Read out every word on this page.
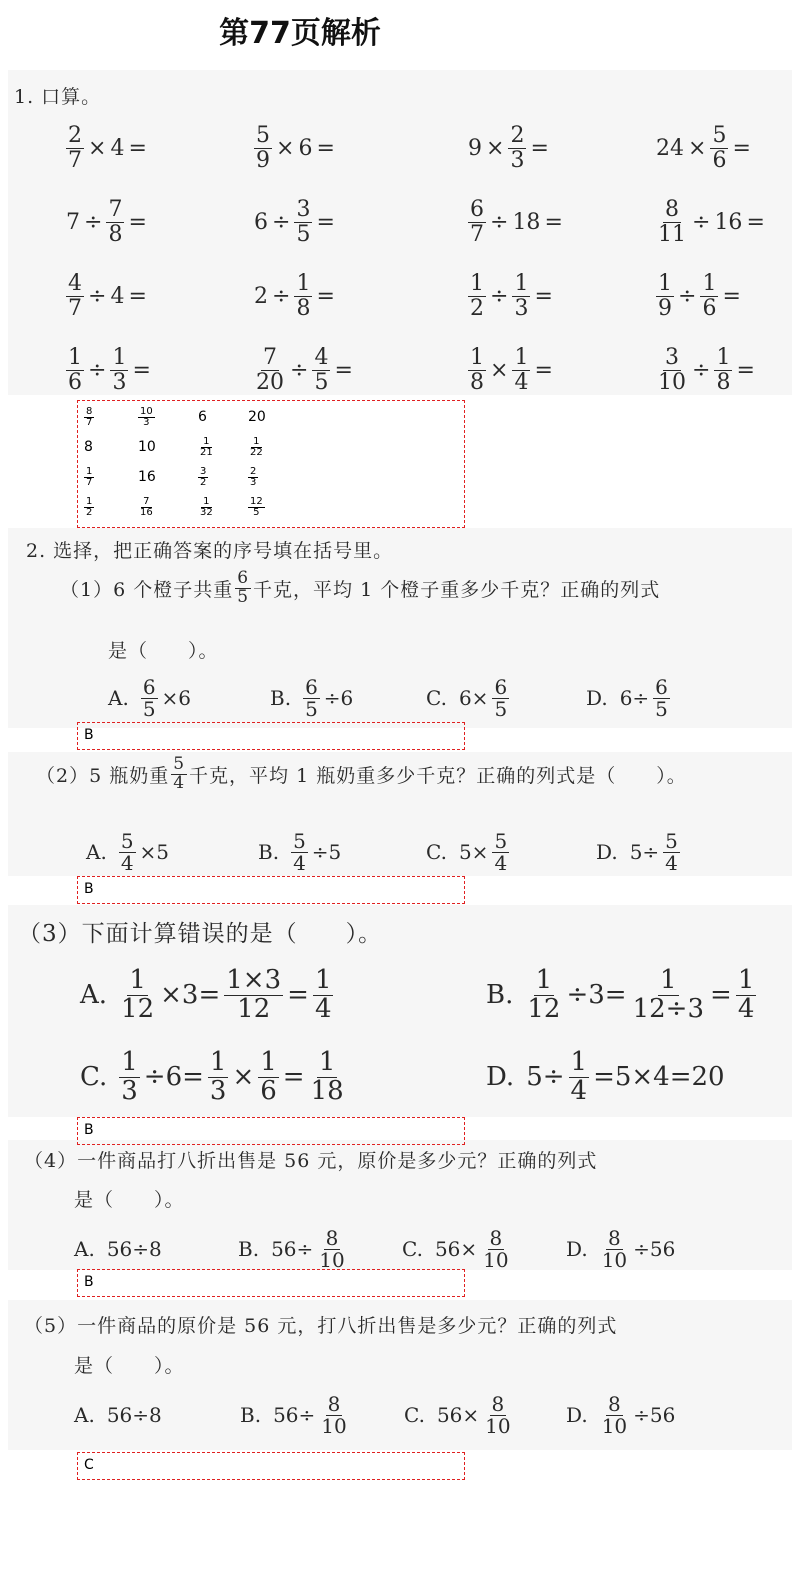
第77页解析
1. 口算。
$\frac{2}{7} \times 4$ =	$\frac{5}{9} \times 6$ =	$9 \times \frac{2}{3}$ =	$24 \times \frac{5}{6}$ =
$7 \div \frac{7}{8}$ =	$6 \div \frac{3}{5}$ =	$\frac{6}{7} \div 18$ =	$\frac{8}{11} \div 16$ =
$\frac{4}{7} \div 4$ =	$2 \div \frac{1}{8}$ =	$\frac{1}{2} \div \frac{1}{3}$ =	$\frac{1}{9} \div \frac{1}{6}$ =
$\frac{1}{6} \div \frac{1}{3}$ =	$\frac{7}{20} \div \frac{4}{5}$ =	$\frac{1}{8} \times \frac{1}{4}$ =	$\frac{3}{10} \div \frac{1}{8}$ =
$\frac{8}{7}$	$\frac{10}{3}$	6	20
8	10	$\frac{1}{21}$	$\frac{1}{22}$
$\frac{1}{7}$	16	$\frac{3}{2}$	$\frac{2}{3}$
$\frac{1}{2}$	$\frac{7}{16}$	$\frac{1}{32}$	$\frac{12}{5}$
2. 选择，把正确答案的序号填在括号里。
（1）6 个橙子共重 $\frac{6}{5}$ 千克，平均 1 个橙子重多少千克？正确的列式
是（　　）。
A. $\frac{6}{5} \times 6$	B. $\frac{6}{5} \div 6$	C. $6\times \frac{6}{5}$	D. $6\div \frac{6}{5}$
B
（2）5 瓶奶重 $\frac{5}{4}$ 千克，平均 1 瓶奶重多少千克？正确的列式是（　　）。
A. $\frac{5}{4} \times 5$	B. $\frac{5}{4} \div 5$	C. $5\times \frac{5}{4}$	D. $5\div \frac{5}{4}$
B
（3）下面计算错误的是（　　）。
A. $\frac{1}{12} \times 3= \frac{1\times 3}{12} = \frac{1}{4}$	B. $\frac{1}{12} \div 3= \frac{1}{12\div 3} = \frac{1}{4}$
C. $\frac{1}{3} \div 6= \frac{1}{3} \times \frac{1}{6} = \frac{1}{18}$	D. $5\div \frac{1}{4} =5\times 4=20$
B
（4）一件商品打八折出售是 56 元，原价是多少元？正确的列式
是（　　）。
A. 56÷8	B. $56\div \frac{8}{10}$	C. $56\times \frac{8}{10}$	D. $\frac{8}{10} \div 56$
B
（5）一件商品的原价是 56 元，打八折出售是多少元？正确的列式
是（　　）。
A. 56÷8	B. $56\div \frac{8}{10}$	C. $56\times \frac{8}{10}$	D. $\frac{8}{10} \div 56$
C
